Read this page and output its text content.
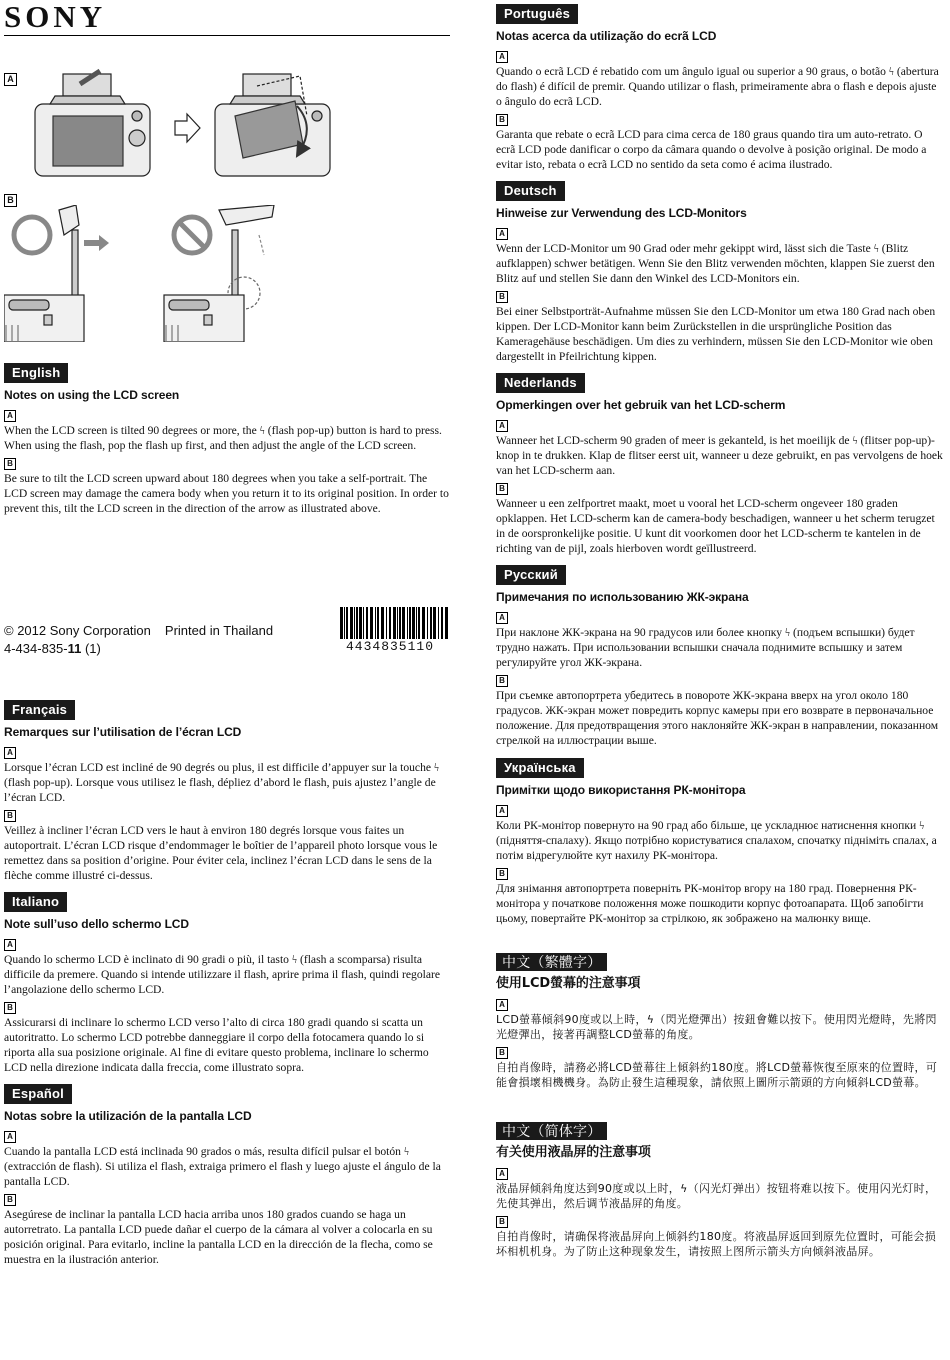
SONY
A
B
English
Notes on using the LCD screen
A

When the LCD screen is tilted 90 degrees or more, the ϟ (flash pop-up) button is hard to press. When using the flash, pop the flash up first, and then adjust the angle of the LCD screen.

B

Be sure to tilt the LCD screen upward about 180 degrees when you take a self-portrait. The LCD screen may damage the camera body when you return it to its original position. In order to prevent this, tilt the LCD screen in the direction of the arrow as illustrated above.

© 2012 Sony Corporation Printed in Thailand
4-434-835-11 (1)	4434835110
Français
Remarques sur l’utilisation de l’écran LCD
A

Lorsque l’écran LCD est incliné de 90 degrés ou plus, il est difficile d’appuyer sur la touche ϟ (flash pop-up). Lorsque vous utilisez le flash, dépliez d’abord le flash, puis ajustez l’angle de l’écran LCD.

B

Veillez à incliner l’écran LCD vers le haut à environ 180 degrés lorsque vous faites un autoportrait. L’écran LCD risque d’endommager le boîtier de l’appareil photo lorsque vous le remettez dans sa position d’origine. Pour éviter cela, inclinez l’écran LCD dans le sens de la flèche comme illustré ci-dessus.

Italiano
Note sull’uso dello schermo LCD
A

Quando lo schermo LCD è inclinato di 90 gradi o più, il tasto ϟ (flash a scomparsa) risulta difficile da premere. Quando si intende utilizzare il flash, aprire prima il flash, quindi regolare l’angolazione dello schermo LCD.

B

Assicurarsi di inclinare lo schermo LCD verso l’alto di circa 180 gradi quando si scatta un autoritratto. Lo schermo LCD potrebbe danneggiare il corpo della fotocamera quando lo si riporta alla sua posizione originale. Al fine di evitare questo problema, inclinare lo schermo LCD nella direzione indicata dalla freccia, come illustrato sopra.

Español
Notas sobre la utilización de la pantalla LCD
A

Cuando la pantalla LCD está inclinada 90 grados o más, resulta difícil pulsar el botón ϟ (extracción de flash). Si utiliza el flash, extraiga primero el flash y luego ajuste el ángulo de la pantalla LCD.

B

Asegúrese de inclinar la pantalla LCD hacia arriba unos 180 grados cuando se haga un autorretrato. La pantalla LCD puede dañar el cuerpo de la cámara al volver a colocarla en su posición original. Para evitarlo, incline la pantalla LCD en la dirección de la flecha, como se muestra en la ilustración anterior.

Português
Notas acerca da utilização do ecrã LCD
A

Quando o ecrã LCD é rebatido com um ângulo igual ou superior a 90 graus, o botão ϟ (abertura do flash) é difícil de premir. Quando utilizar o flash, primeiramente abra o flash e depois ajuste o ângulo do ecrã LCD.

B

Garanta que rebate o ecrã LCD para cima cerca de 180 graus quando tira um auto-retrato. O ecrã LCD pode danificar o corpo da câmara quando o devolve à posição original. De modo a evitar isto, rebata o ecrã LCD no sentido da seta como é acima ilustrado.

Deutsch
Hinweise zur Verwendung des LCD-Monitors
A

Wenn der LCD-Monitor um 90 Grad oder mehr gekippt wird, lässt sich die Taste ϟ (Blitz aufklappen) schwer betätigen. Wenn Sie den Blitz verwenden möchten, klappen Sie zuerst den Blitz auf und stellen Sie dann den Winkel des LCD-Monitors ein.

B

Bei einer Selbstporträt-Aufnahme müssen Sie den LCD-Monitor um etwa 180 Grad nach oben kippen. Der LCD-Monitor kann beim Zurückstellen in die ursprüngliche Position das Kameragehäuse beschädigen. Um dies zu verhindern, müssen Sie den LCD-Monitor wie oben dargestellt in Pfeilrichtung kippen.

Nederlands
Opmerkingen over het gebruik van het LCD-scherm
A

Wanneer het LCD-scherm 90 graden of meer is gekanteld, is het moeilijk de ϟ (flitser pop-up)-knop in te drukken. Klap de flitser eerst uit, wanneer u deze gebruikt, en pas vervolgens de hoek van het LCD-scherm aan.

B

Wanneer u een zelfportret maakt, moet u vooral het LCD-scherm ongeveer 180 graden opklappen. Het LCD-scherm kan de camera-body beschadigen, wanneer u het scherm terugzet in de oorspronkelijke positie. U kunt dit voorkomen door het LCD-scherm te kantelen in de richting van de pijl, zoals hierboven wordt geïllustreerd.

Русский
Примечания по использованию ЖК-экрана
A

При наклоне ЖК-экрана на 90 градусов или более кнопку ϟ (подъем вспышки) будет трудно нажать. При использовании вспышки сначала поднимите вспышку и затем регулируйте угол ЖК-экрана.

B

При съемке автопортрета убедитесь в повороте ЖК-экрана вверх на угол около 180 градусов. ЖК-экран может повредить корпус камеры при его возврате в первоначальное положение. Для предотвращения этого наклоняйте ЖК-экран в направлении, показанном стрелкой на иллюстрации выше.

Українська
Примітки щодо використання РК-монітора
A

Коли РК-монітор повернуто на 90 град або більше, це ускладнює натиснення кнопки ϟ (підняття-спалаху). Якщо потрібно користуватися спалахом, спочатку підніміть спалах, а потім відрегулюйте кут нахилу РК-монітора.

B

Для знімання автопортрета поверніть РК-монітор вгору на 180 град. Повернення РК-монітора у початкове положення може пошкодити корпус фотоапарата. Щоб запобігти цьому, повертайте РК-монітор за стрілкою, як зображено на малюнку вище.

中文（繁體字）
使用LCD螢幕的注意事項
A

LCD螢幕傾斜90度或以上時，ϟ（閃光燈彈出）按鈕會難以按下。使用閃光燈時，先將閃光燈彈出，接著再調整LCD螢幕的角度。

B

自拍肖像時，請務必將LCD螢幕往上傾斜約180度。將LCD螢幕恢復至原來的位置時，可能會損壞相機機身。為防止發生這種現象，請依照上圖所示箭頭的方向傾斜LCD螢幕。

中文（简体字）
有关使用液晶屏的注意事项
A

液晶屏倾斜角度达到90度或以上时，ϟ（闪光灯弹出）按钮将难以按下。使用闪光灯时，先使其弹出，然后调节液晶屏的角度。

B

自拍肖像时，请确保将液晶屏向上倾斜约180度。将液晶屏返回到原先位置时，可能会损坏相机机身。为了防止这种现象发生，请按照上图所示箭头方向倾斜液晶屏。
